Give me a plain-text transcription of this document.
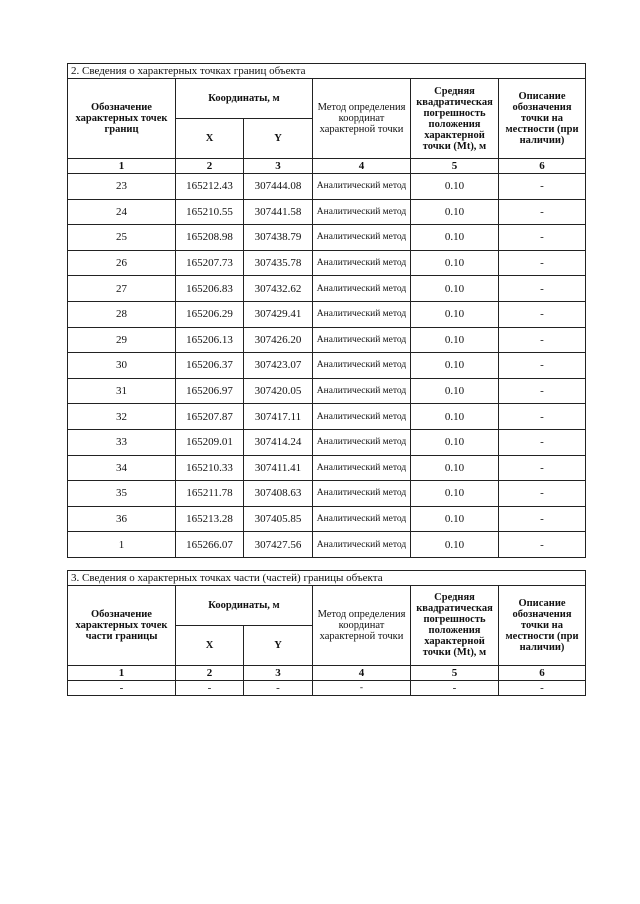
2. Сведения о характерных точках границ объекта					
Обозначение характерных точек границ	Координаты, м		Метод определения координат характерной точки	Средняя квадратическая погрешность положения характерной точки (Mt), м	Описание обозначения точки на местности (при наличии)
	X	Y			
1	2	3	4	5	6
23	165212.43	307444.08	Аналитический метод	0.10	-
24	165210.55	307441.58	Аналитический метод	0.10	-
25	165208.98	307438.79	Аналитический метод	0.10	-
26	165207.73	307435.78	Аналитический метод	0.10	-
27	165206.83	307432.62	Аналитический метод	0.10	-
28	165206.29	307429.41	Аналитический метод	0.10	-
29	165206.13	307426.20	Аналитический метод	0.10	-
30	165206.37	307423.07	Аналитический метод	0.10	-
31	165206.97	307420.05	Аналитический метод	0.10	-
32	165207.87	307417.11	Аналитический метод	0.10	-
33	165209.01	307414.24	Аналитический метод	0.10	-
34	165210.33	307411.41	Аналитический метод	0.10	-
35	165211.78	307408.63	Аналитический метод	0.10	-
36	165213.28	307405.85	Аналитический метод	0.10	-
1	165266.07	307427.56	Аналитический метод	0.10	-
3. Сведения о характерных точках части (частей) границы объекта					
Обозначение характерных точек части границы	Координаты, м		Метод определения координат характерной точки	Средняя квадратическая погрешность положения характерной точки (Mt), м	Описание обозначения точки на местности (при наличии)
	X	Y			
1	2	3	4	5	6
-	-	-	-	-	-
